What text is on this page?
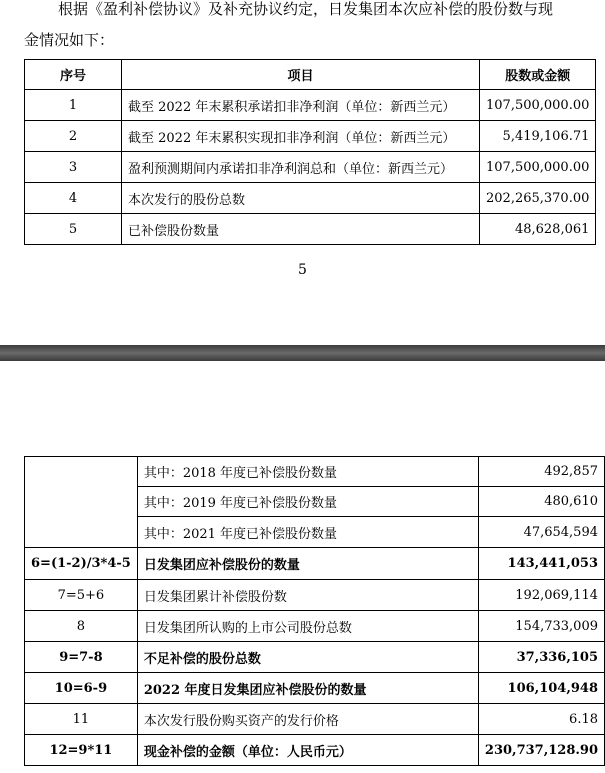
根据《盈利补偿协议》及补充协议约定，日发集团本次应补偿的股份数与现
金情况如下：

序号	项目	股数或金额
1	截至 2022 年末累积承诺扣非净利润（单位：新西兰元）	107,500,000.00
2	截至 2022 年末累积实现扣非净利润（单位：新西兰元）	5,419,106.71
3	盈利预测期间内承诺扣非净利润总和（单位：新西兰元）	107,500,000.00
4	本次发行的股份总数	202,265,370.00
5	已补偿股份数量	48,628,061
5
	其中：2018 年度已补偿股份数量	492,857
	其中：2019 年度已补偿股份数量	480,610
	其中：2021 年度已补偿股份数量	47,654,594
6=(1-2)/3*4-5	日发集团应补偿股份的数量	143,441,053
7=5+6	日发集团累计补偿股份数	192,069,114
8	日发集团所认购的上市公司股份总数	154,733,009
9=7-8	不足补偿的股份总数	37,336,105
10=6-9	2022 年度日发集团应补偿股份的数量	106,104,948
11	本次发行股份购买资产的发行价格	6.18
12=9*11	现金补偿的金额（单位：人民币元）	230,737,128.90
